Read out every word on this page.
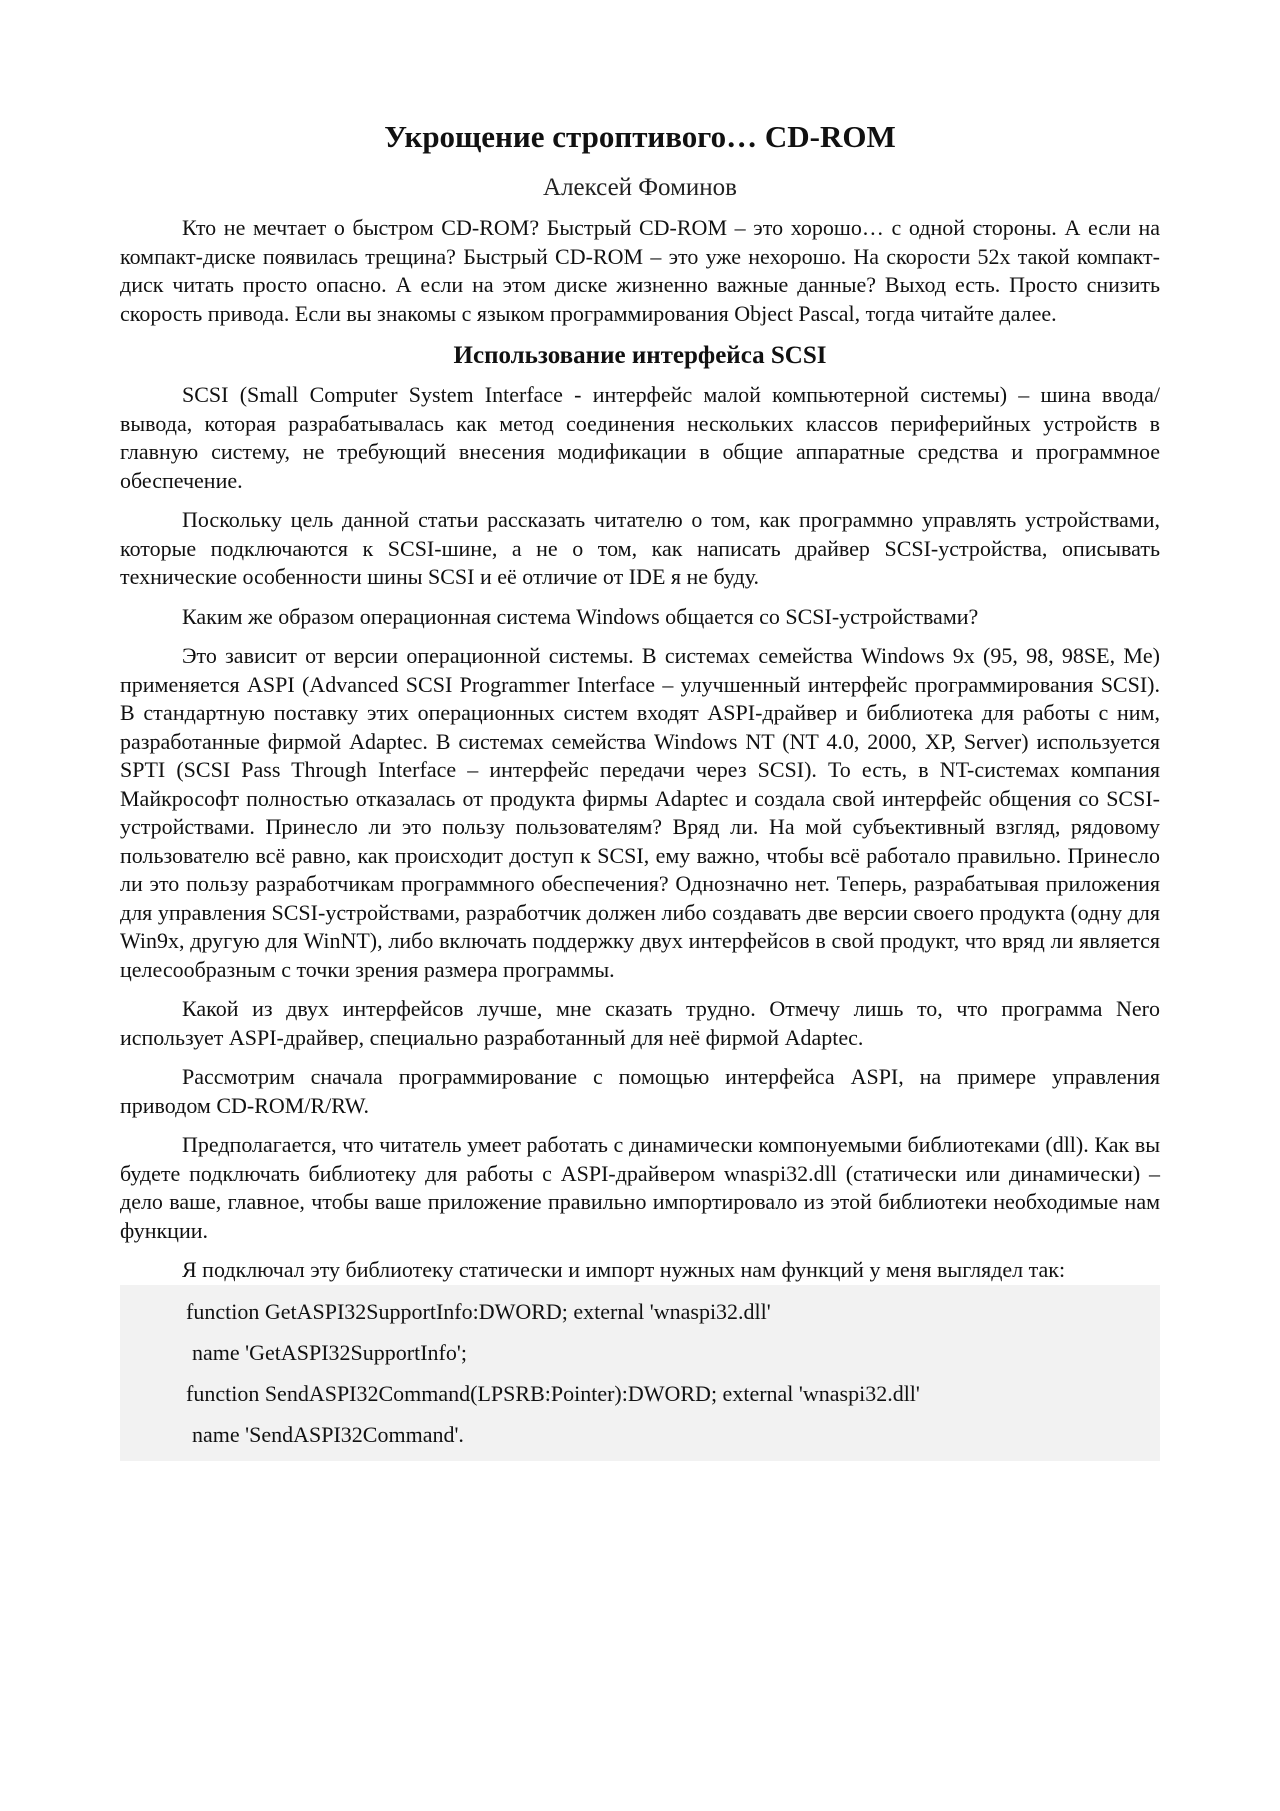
Укрощение строптивого… CD-ROM
Алексей Фоминов

Кто не мечтает о быстром CD-ROM? Быстрый CD-ROM – это хорошо… с одной стороны. А если на компакт-диске появилась трещина? Быстрый CD-ROM – это уже нехорошо. На скорости 52x такой компакт-диск читать просто опасно. А если на этом диске жизненно важные данные? Выход есть. Просто снизить скорость привода. Если вы знакомы с языком программирования Object Pascal, тогда читайте далее.

Использование интерфейса SCSI

SCSI (Small Computer System Interface - интерфейс малой компьютерной системы) – шина ввода/вывода, которая разрабатывалась как метод соединения нескольких классов периферийных устройств в главную систему, не требующий внесения модификации в общие аппаратные средства и программное обеспечение.

Поскольку цель данной статьи рассказать читателю о том, как программно управлять устройствами, которые подключаются к SCSI-шине, а не о том, как написать драйвер SCSI-устройства, описывать технические особенности шины SCSI и её отличие от IDE я не буду.

Каким же образом операционная система Windows общается со SCSI-устройствами?

Это зависит от версии операционной системы. В системах семейства Windows 9x (95, 98, 98SE, Me) применяется ASPI (Advanced SCSI Programmer Interface – улучшенный интерфейс программирования SCSI). В стандартную поставку этих операционных систем входят ASPI-драйвер и библиотека для работы с ним, разработанные фирмой Adaptec. В системах семейства Windows NT (NT 4.0, 2000, XP, Server) используется SPTI (SCSI Pass Through Interface – интерфейс передачи через SCSI). То есть, в NT-системах компания Майкрософт полностью отказалась от продукта фирмы Adaptec и создала свой интерфейс общения со SCSI-устройствами. Принесло ли это пользу пользователям? Вряд ли. На мой субъективный взгляд, рядовому пользователю всё равно, как происходит доступ к SCSI, ему важно, чтобы всё работало правильно. Принесло ли это пользу разработчикам программного обеспечения? Однозначно нет. Теперь, разрабатывая приложения для управления SCSI-устройствами, разработчик должен либо создавать две версии своего продукта (одну для Win9x, другую для WinNT), либо включать поддержку двух интерфейсов в свой продукт, что вряд ли является целесообразным с точки зрения размера программы.

Какой из двух интерфейсов лучше, мне сказать трудно. Отмечу лишь то, что программа Nero использует ASPI-драйвер, специально разработанный для неё фирмой Adaptec.

Рассмотрим сначала программирование с помощью интерфейса ASPI, на примере управления приводом CD-ROM/R/RW.

Предполагается, что читатель умеет работать с динамически компонуемыми библиотеками (dll). Как вы будете подключать библиотеку для работы с ASPI-драйвером wnaspi32.dll (статически или динамически) – дело ваше, главное, чтобы ваше приложение правильно импортировало из этой библиотеки необходимые нам функции.

Я подключал эту библиотеку статически и импорт нужных нам функций у меня выглядел так:

function GetASPI32SupportInfo:DWORD; external 'wnaspi32.dll'
name 'GetASPI32SupportInfo';
function SendASPI32Command(LPSRB:Pointer):DWORD; external 'wnaspi32.dll'
name 'SendASPI32Command'.
